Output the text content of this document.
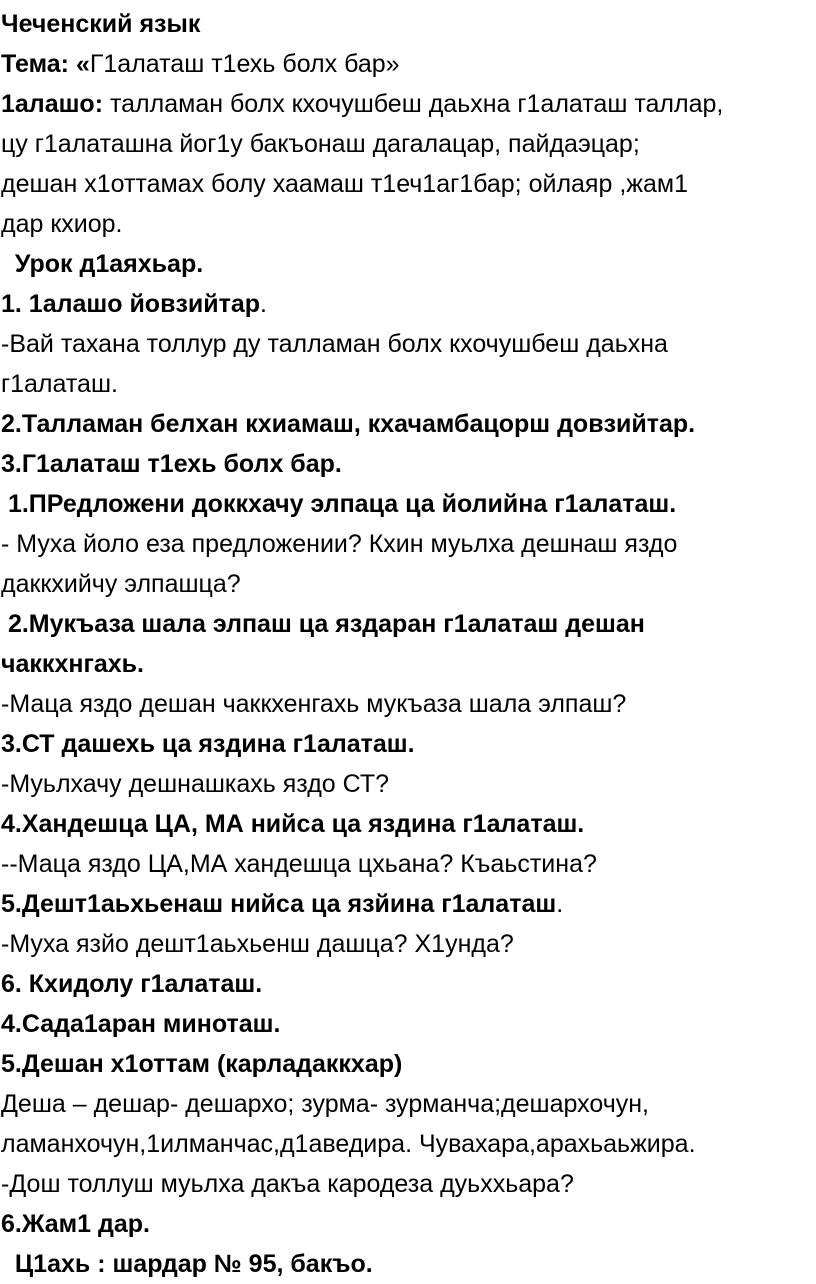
Чеченский язык
Тема: «Г1алаташ т1ехь болх бар»
1алашо: талламан болх кхочушбеш даьхна г1алаташ таллар,
цу г1алаташна йог1у бакъонаш дагалацар, пайдаэцар;
дешан х1оттамах болу хаамаш т1еч1аг1бар; ойлаяр ,жам1
дар кхиор.
Урок д1аяхьар.
1. 1алашо йовзийтар.
-Вай тахана толлур ду талламан болх кхочушбеш даьхна
г1алаташ.
2.Талламан белхан кхиамаш, кхачамбацорш довзийтар.
3.Г1алаташ т1ехь болх бар.
1.ПРедложени доккхачу элпаца ца йолийна г1алаташ.
- Муха йоло еза предложении? Кхин муьлха дешнаш яздо
даккхийчу элпашца?
2.Мукъаза шала элпаш ца яздаран г1алаташ дешан
чаккхнгахь.
-Маца яздо дешан чаккхенгахь мукъаза шала элпаш?
3.СТ дашехь ца яздина г1алаташ.
-Муьлхачу дешнашкахь яздо СТ?
4.Хандешца ЦА, МА нийса ца яздина г1алаташ.
--Маца яздо ЦА,МА хандешца цхьана? Къаьстина?
5.Дешт1аьхьенаш нийса ца язйина г1алаташ.
-Муха язйо дешт1аьхьенш дашца? Х1унда?
6. Кхидолу г1алаташ.
4.Сада1аран миноташ.
5.Дешан х1оттам (карладаккхар)
Деша – дешар- дешархо; зурма- зурманча;дешархочун,
ламанхочун,1илманчас,д1аведира. Чувахара,арахьаьжира.
-Дош толлуш муьлха дакъа кародеза дуьххьара?
6.Жам1 дар.
Ц1ахь : шардар № 95, бакъо.
